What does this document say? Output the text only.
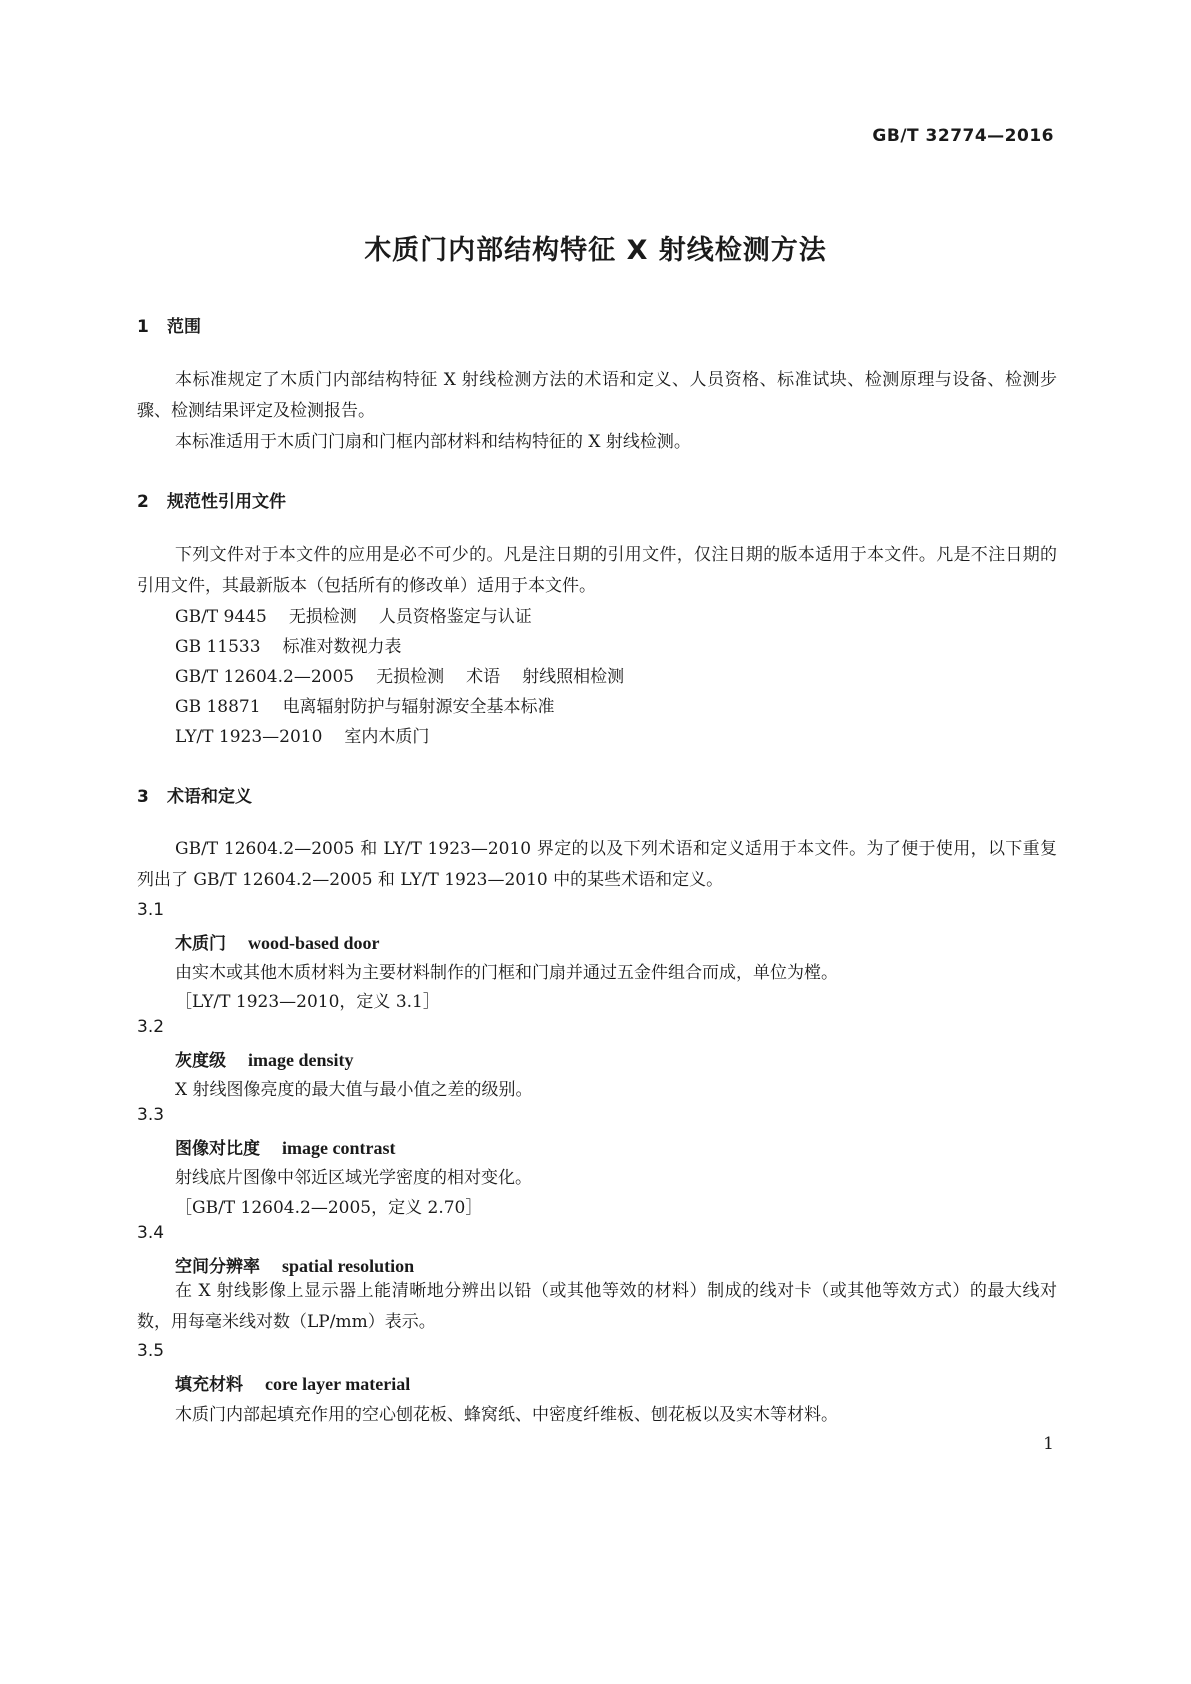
GB/T 32774—2016
木质门内部结构特征 X 射线检测方法
1 范围
本标准规定了木质门内部结构特征 X 射线检测方法的术语和定义、人员资格、标准试块、检测原理与设备、检测步骤、检测结果评定及检测报告。
本标准适用于木质门门扇和门框内部材料和结构特征的 X 射线检测。
2 规范性引用文件
下列文件对于本文件的应用是必不可少的。凡是注日期的引用文件，仅注日期的版本适用于本文件。凡是不注日期的引用文件，其最新版本（包括所有的修改单）适用于本文件。
GB/T 9445 无损检测 人员资格鉴定与认证
GB 11533 标准对数视力表
GB/T 12604.2—2005 无损检测 术语 射线照相检测
GB 18871 电离辐射防护与辐射源安全基本标准
LY/T 1923—2010 室内木质门
3 术语和定义
GB/T 12604.2—2005 和 LY/T 1923—2010 界定的以及下列术语和定义适用于本文件。为了便于使用，以下重复列出了 GB/T 12604.2—2005 和 LY/T 1923—2010 中的某些术语和定义。
3.1
木质门 wood-based door
由实木或其他木质材料为主要材料制作的门框和门扇并通过五金件组合而成，单位为樘。
［LY/T 1923—2010，定义 3.1］
3.2
灰度级 image density
X 射线图像亮度的最大值与最小值之差的级别。
3.3
图像对比度 image contrast
射线底片图像中邻近区域光学密度的相对变化。
［GB/T 12604.2—2005，定义 2.70］
3.4
空间分辨率 spatial resolution
在 X 射线影像上显示器上能清晰地分辨出以铅（或其他等效的材料）制成的线对卡（或其他等效方式）的最大线对数，用每毫米线对数（LP/mm）表示。
3.5
填充材料 core layer material
木质门内部起填充作用的空心刨花板、蜂窝纸、中密度纤维板、刨花板以及实木等材料。
1
